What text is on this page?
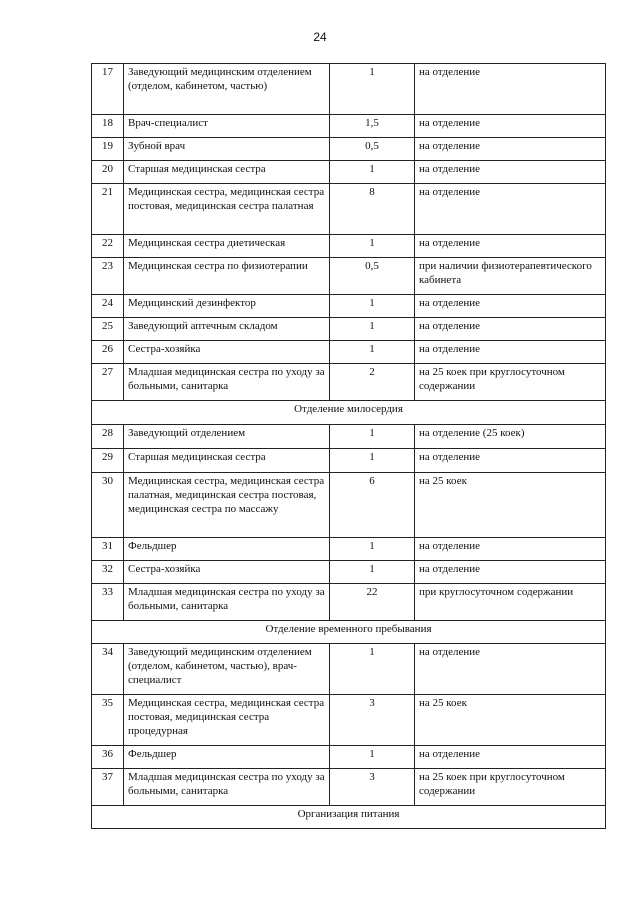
24
17	Заведующий медицинским отделением (отделом, кабинетом, частью)	1	на отделение
18	Врач-специалист	1,5	на отделение
19	Зубной врач	0,5	на отделение
20	Старшая медицинская сестра	1	на отделение
21	Медицинская сестра, медицинская сестра постовая, медицинская сестра палатная	8	на отделение
22	Медицинская сестра диетическая	1	на отделение
23	Медицинская сестра по физиотерапии	0,5	при наличии физиотерапевтического кабинета
24	Медицинский дезинфектор	1	на отделение
25	Заведующий аптечным складом	1	на отделение
26	Сестра-хозяйка	1	на отделение
27	Младшая медицинская сестра по уходу за больными, санитарка	2	на 25 коек при круглосуточном содержании
Отделение милосердия			
28	Заведующий отделением	1	на отделение (25 коек)
29	Старшая медицинская сестра	1	на отделение
30	Медицинская сестра, медицинская сестра палатная, медицинская сестра постовая, медицинская сестра по массажу	6	на 25 коек
31	Фельдшер	1	на отделение
32	Сестра-хозяйка	1	на отделение
33	Младшая медицинская сестра по уходу за больными, санитарка	22	при круглосуточном содержании
Отделение временного пребывания			
34	Заведующий медицинским отделением (отделом, кабинетом, частью), врач-специалист	1	на отделение
35	Медицинская сестра, медицинская сестра постовая, медицинская сестра процедурная	3	на 25 коек
36	Фельдшер	1	на отделение
37	Младшая медицинская сестра по уходу за больными, санитарка	3	на 25 коек при круглосуточном содержании
Организация питания			
